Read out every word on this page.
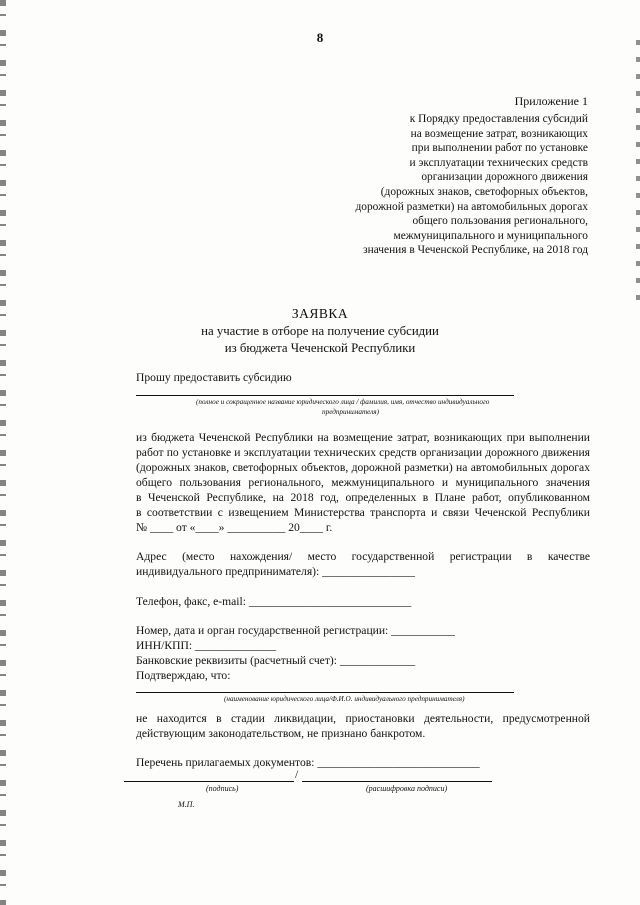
8
Приложение 1
к Порядку предоставления субсидий
на возмещение затрат, возникающих
при выполнении работ по установке
и эксплуатации технических средств
организации дорожного движения
(дорожных знаков, светофорных объектов,
дорожной разметки) на автомобильных дорогах
общего пользования регионального,
межмуниципального и муниципального
значения в Чеченской Республике, на 2018 год
ЗАЯВКА
на участие в отборе на получение субсидии
из бюджета Чеченской Республики
Прошу предоставить субсидию
(полное и сокращенное название юридического лица / фамилия, имя, отчество индивидуального
предпринимателя)
из бюджета Чеченской Республики на возмещение затрат, возникающих при выполнении
работ по установке и эксплуатации технических средств организации дорожного движения
(дорожных знаков, светофорных объектов, дорожной разметки) на автомобильных дорогах
общего пользования регионального, межмуниципального и муниципального значения
в Чеченской Республике, на 2018 год, определенных в Плане работ, опубликованном
в соответствии с извещением Министерства транспорта и связи Чеченской Республики
№ ____ от «____» __________ 20____ г.
Адрес (место нахождения/ место государственной регистрации в качестве
индивидуального предпринимателя): ________________
Телефон, факс, e-mail: ____________________________
Номер, дата и орган государственной регистрации: ___________
ИНН/КПП: ______________
Банковские реквизиты (расчетный счет): _____________
Подтверждаю, что:
(наименование юридического лица/Ф.И.О. индивидуального предпринимателя)
не находится в стадии ликвидации, приостановки деятельности, предусмотренной
действующим законодательством, не признано банкротом.
Перечень прилагаемых документов: ____________________________
/
(подпись)	(расшифровка подписи)
М.П.
